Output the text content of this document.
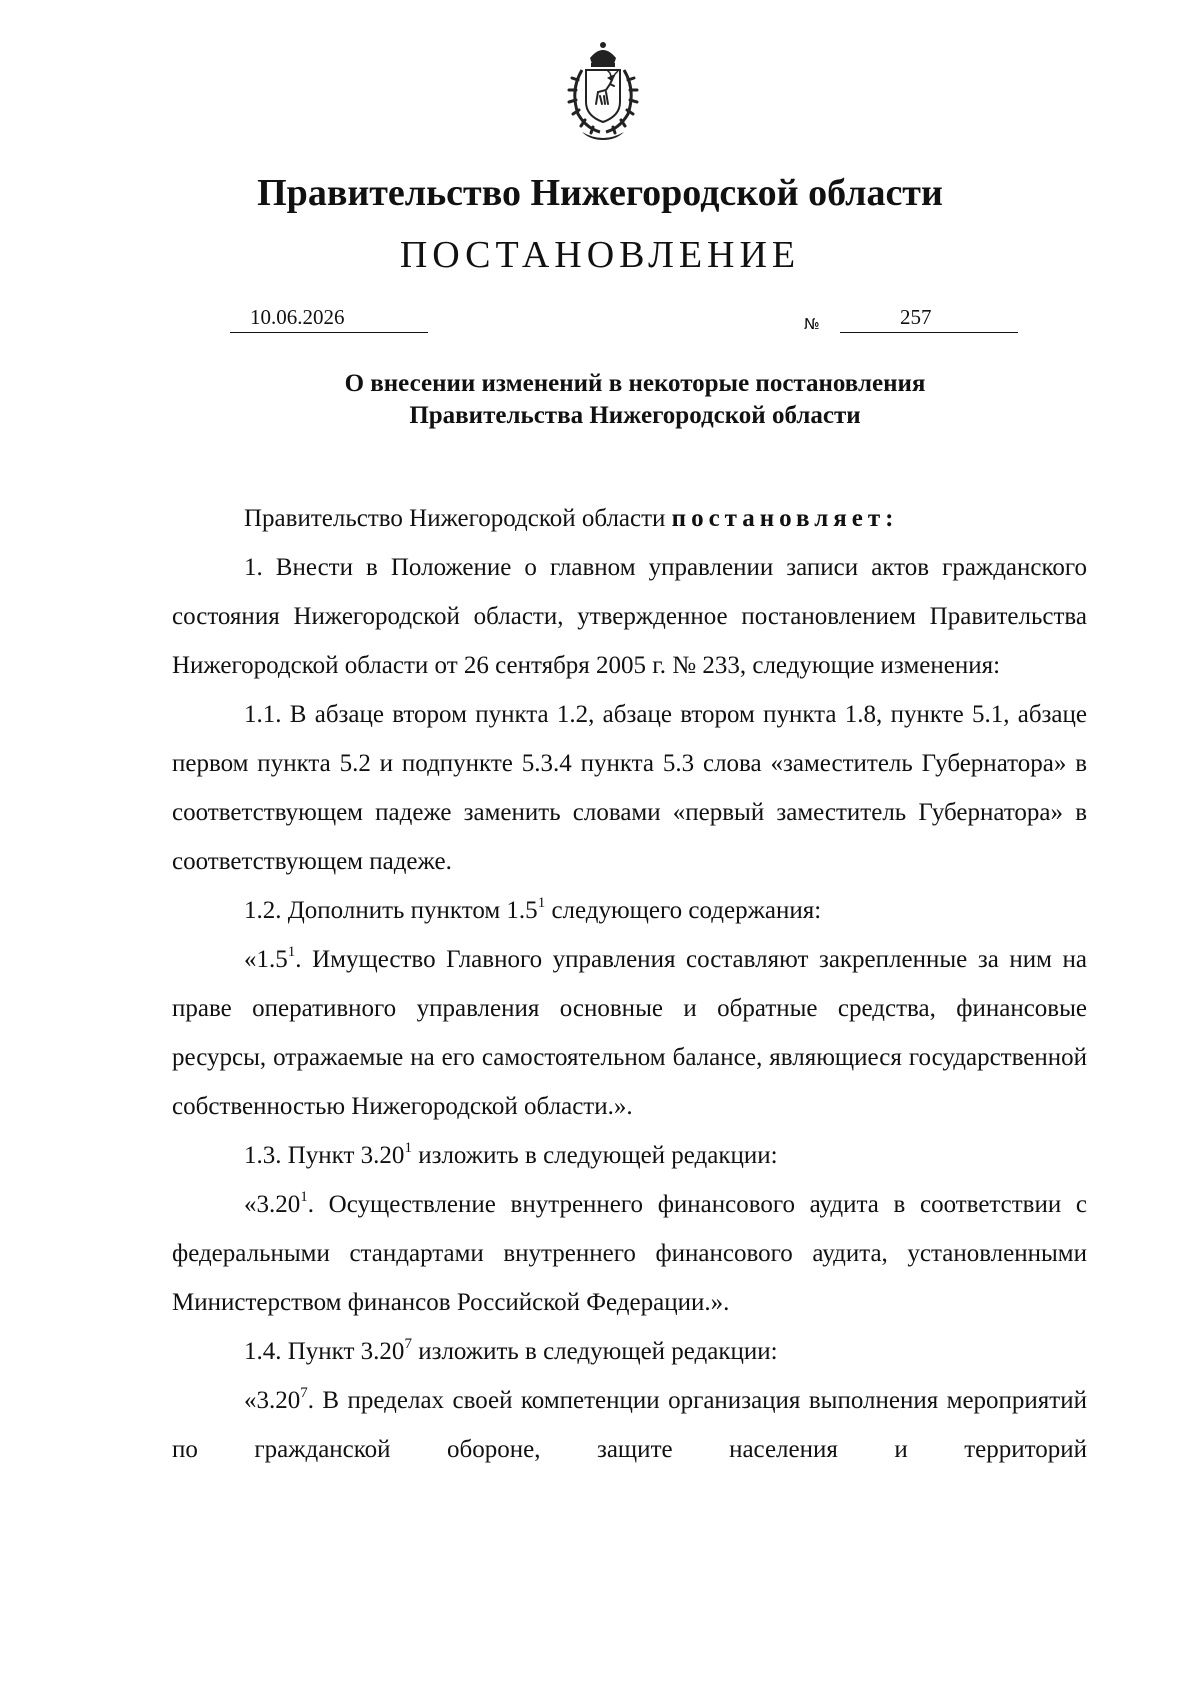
Правительство Нижегородской области
ПОСТАНОВЛЕНИЕ
10.06.2026	№	257
О внесении изменений в некоторые постановления
Правительства Нижегородской области

Правительство Нижегородской области постановляет:

1. Внести в Положение о главном управлении записи актов гражданского состояния Нижегородской области, утвержденное постановлением Правительства Нижегородской области от 26 сентября 2005 г. № 233, следующие изменения:

1.1. В абзаце втором пункта 1.2, абзаце втором пункта 1.8, пункте 5.1, абзаце первом пункта 5.2 и подпункте 5.3.4 пункта 5.3 слова «заместитель Губернатора» в соответствующем падеже заменить словами «первый заместитель Губернатора» в соответствующем падеже.

1.2. Дополнить пунктом $1.5^1$ следующего содержания:

«$1.5^1$. Имущество Главного управления составляют закрепленные за ним на праве оперативного управления основные и обратные средства, финансовые ресурсы, отражаемые на его самостоятельном балансе, являющиеся государственной собственностью Нижегородской области.».

1.3. Пункт 3.20$^1$ изложить в следующей редакции:

«3.20$^1$. Осуществление внутреннего финансового аудита в соответствии с федеральными стандартами внутреннего финансового аудита, установленными Министерством финансов Российской Федерации.».

1.4. Пункт 3.20$^7$ изложить в следующей редакции:

«3.20$^7$. В пределах своей компетенции организация выполнения мероприятий по гражданской обороне, защите населения и территорий
